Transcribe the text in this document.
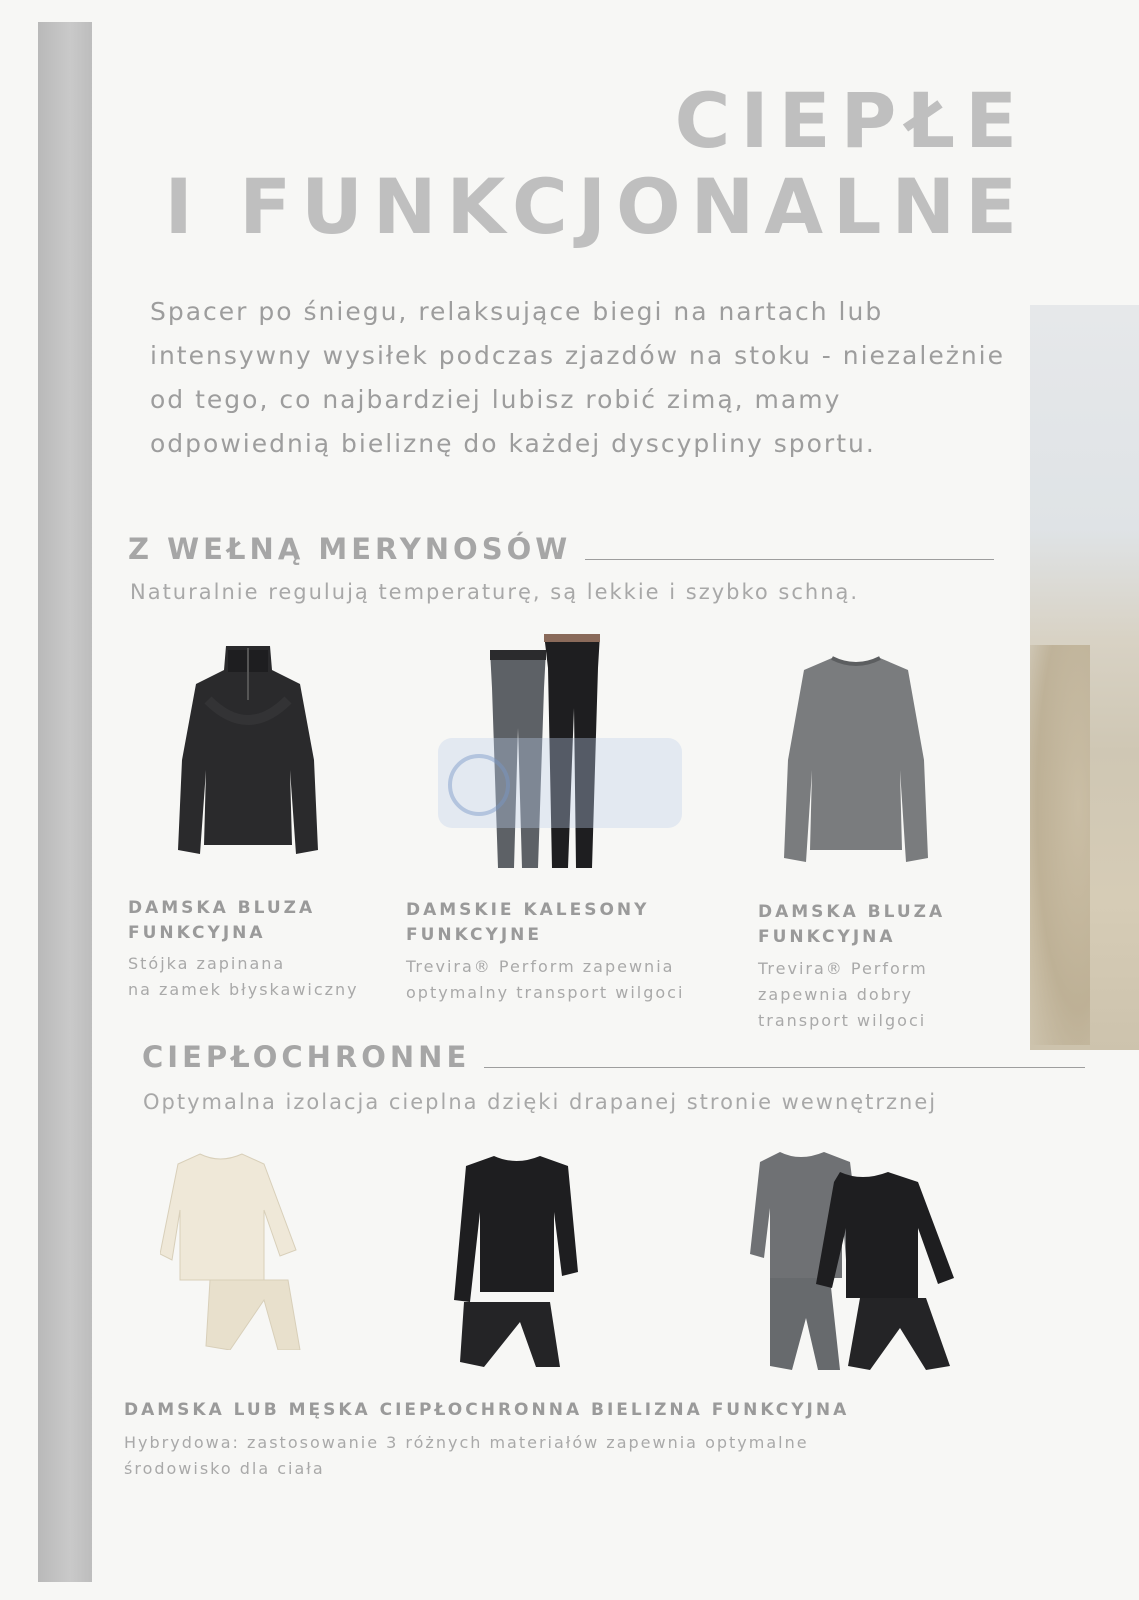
CIEPŁE
I FUNKCJONALNE

Spacer po śniegu, relaksujące biegi na nartach lub intensywny wysiłek podczas zjazdów na stoku - niezależnie od tego, co najbardziej lubisz robić zimą, mamy odpowiednią bieliznę do każdej dyscypliny sportu.

Z WEŁNĄ MERYNOSÓW

Naturalnie regulują temperaturę, są lekkie i szybko schną.

DAMSKA BLUZA
FUNKCYJNA

Stójka zapinana
na zamek błyskawiczny

DAMSKIE KALESONY
FUNKCYJNE

Trevira® Perform zapewnia
optymalny transport wilgoci

DAMSKA BLUZA
FUNKCYJNA

Trevira® Perform
zapewnia dobry
transport wilgoci

CIEPŁOCHRONNE

Optymalna izolacja cieplna dzięki drapanej stronie wewnętrznej

DAMSKA LUB MĘSKA CIEPŁOCHRONNA BIELIZNA FUNKCYJNA

Hybrydowa: zastosowanie 3 różnych materiałów zapewnia optymalne
środowisko dla ciała
